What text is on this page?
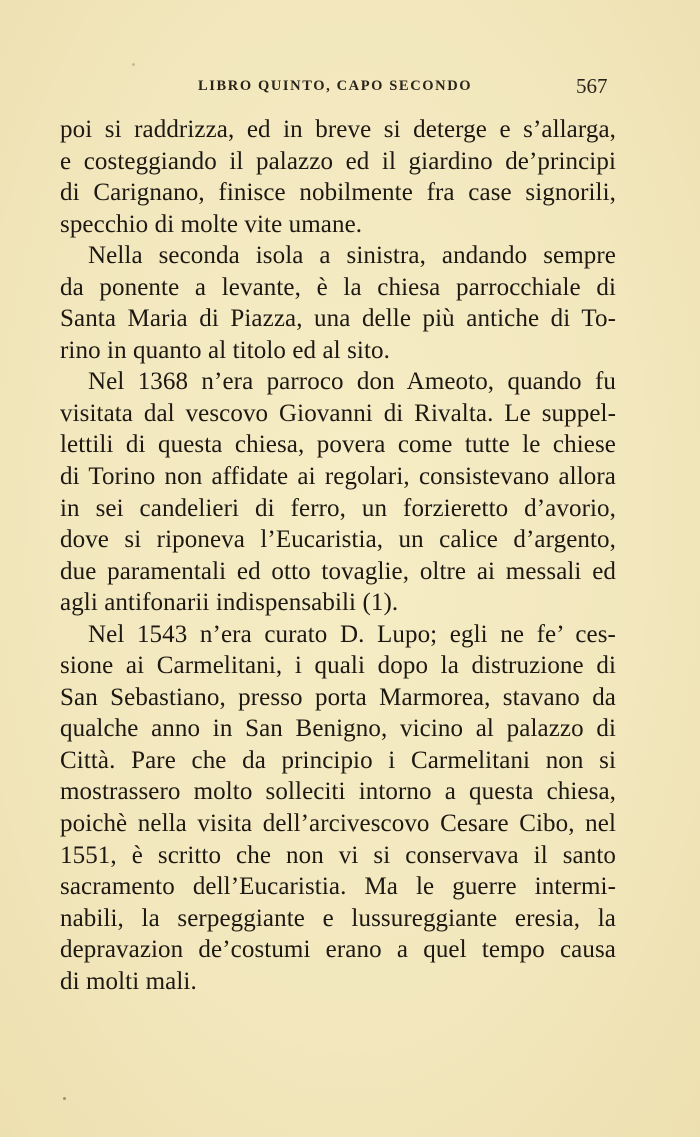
LIBRO QUINTO, CAPO SECONDO	567
poi si raddrizza, ed in breve si deterge e s’allarga,
e costeggiando il palazzo ed il giardino de’principi
di Carignano, finisce nobilmente fra case signorili,
specchio di molte vite umane.
Nella seconda isola a sinistra, andando sempre
da ponente a levante, è la chiesa parrocchiale di
Santa Maria di Piazza, una delle più antiche di To-
rino in quanto al titolo ed al sito.
Nel 1368 n’era parroco don Ameoto, quando fu
visitata dal vescovo Giovanni di Rivalta. Le suppel-
lettili di questa chiesa, povera come tutte le chiese
di Torino non affidate ai regolari, consistevano allora
in sei candelieri di ferro, un forzieretto d’avorio,
dove si riponeva l’Eucaristia, un calice d’argento,
due paramentali ed otto tovaglie, oltre ai messali ed
agli antifonarii indispensabili (1).
Nel 1543 n’era curato D. Lupo; egli ne fe’ ces-
sione ai Carmelitani, i quali dopo la distruzione di
San Sebastiano, presso porta Marmorea, stavano da
qualche anno in San Benigno, vicino al palazzo di
Città. Pare che da principio i Carmelitani non si
mostrassero molto solleciti intorno a questa chiesa,
poichè nella visita dell’arcivescovo Cesare Cibo, nel
1551, è scritto che non vi si conservava il santo
sacramento dell’Eucaristia. Ma le guerre intermi-
nabili, la serpeggiante e lussureggiante eresia, la
depravazion de’costumi erano a quel tempo causa
di molti mali.
